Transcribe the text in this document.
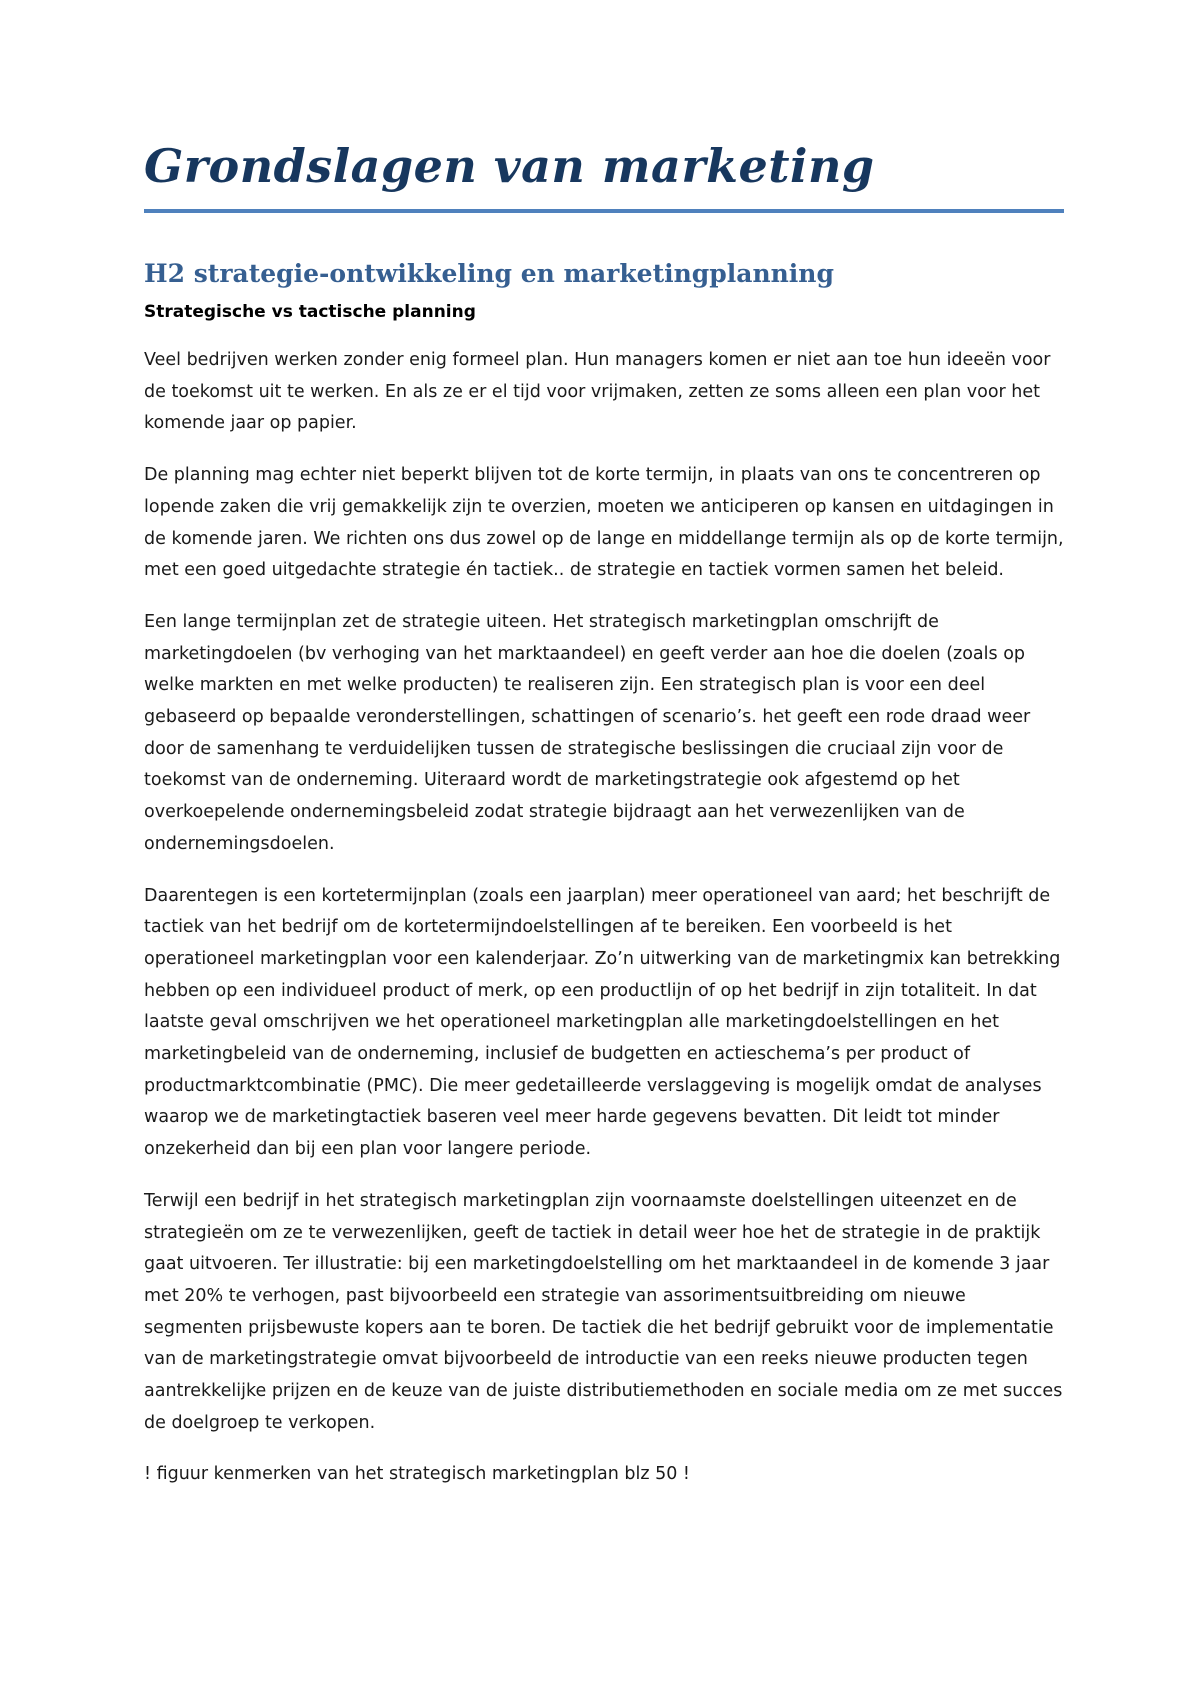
Grondslagen van marketing
H2 strategie-ontwikkeling en marketingplanning
Strategische vs tactische planning

Veel bedrijven werken zonder enig formeel plan. Hun managers komen er niet aan toe hun ideeën voor de toekomst uit te werken. En als ze er el tijd voor vrijmaken, zetten ze soms alleen een plan voor het komende jaar op papier.

De planning mag echter niet beperkt blijven tot de korte termijn, in plaats van ons te concentreren op lopende zaken die vrij gemakkelijk zijn te overzien, moeten we anticiperen op kansen en uitdagingen in de komende jaren. We richten ons dus zowel op de lange en middellange termijn als op de korte termijn, met een goed uitgedachte strategie én tactiek.. de strategie en tactiek vormen samen het beleid.

Een lange termijnplan zet de strategie uiteen. Het strategisch marketingplan omschrijft de marketingdoelen (bv verhoging van het marktaandeel) en geeft verder aan hoe die doelen (zoals op welke markten en met welke producten) te realiseren zijn. Een strategisch plan is voor een deel gebaseerd op bepaalde veronderstellingen, schattingen of scenario’s. het geeft een rode draad weer door de samenhang te verduidelijken tussen de strategische beslissingen die cruciaal zijn voor de toekomst van de onderneming. Uiteraard wordt de marketingstrategie ook afgestemd op het overkoepelende ondernemingsbeleid zodat strategie bijdraagt aan het verwezenlijken van de ondernemingsdoelen.

Daarentegen is een kortetermijnplan (zoals een jaarplan) meer operationeel van aard; het beschrijft de tactiek van het bedrijf om de kortetermijndoelstellingen af te bereiken. Een voorbeeld is het operationeel marketingplan voor een kalenderjaar. Zo’n uitwerking van de marketingmix kan betrekking hebben op een individueel product of merk, op een productlijn of op het bedrijf in zijn totaliteit. In dat laatste geval omschrijven we het operationeel marketingplan alle marketingdoelstellingen en het marketingbeleid van de onderneming, inclusief de budgetten en actieschema’s per product of productmarktcombinatie (PMC). Die meer gedetailleerde verslaggeving is mogelijk omdat de analyses waarop we de marketingtactiek baseren veel meer harde gegevens bevatten. Dit leidt tot minder onzekerheid dan bij een plan voor langere periode.

Terwijl een bedrijf in het strategisch marketingplan zijn voornaamste doelstellingen uiteenzet en de strategieën om ze te verwezenlijken, geeft de tactiek in detail weer hoe het de strategie in de praktijk gaat uitvoeren. Ter illustratie: bij een marketingdoelstelling om het marktaandeel in de komende 3 jaar met 20% te verhogen, past bijvoorbeeld een strategie van assorimentsuitbreiding om nieuwe segmenten prijsbewuste kopers aan te boren. De tactiek die het bedrijf gebruikt voor de implementatie van de marketingstrategie omvat bijvoorbeeld de introductie van een reeks nieuwe producten tegen aantrekkelijke prijzen en de keuze van de juiste distributiemethoden en sociale media om ze met succes de doelgroep te verkopen.

! figuur kenmerken van het strategisch marketingplan blz 50 !
